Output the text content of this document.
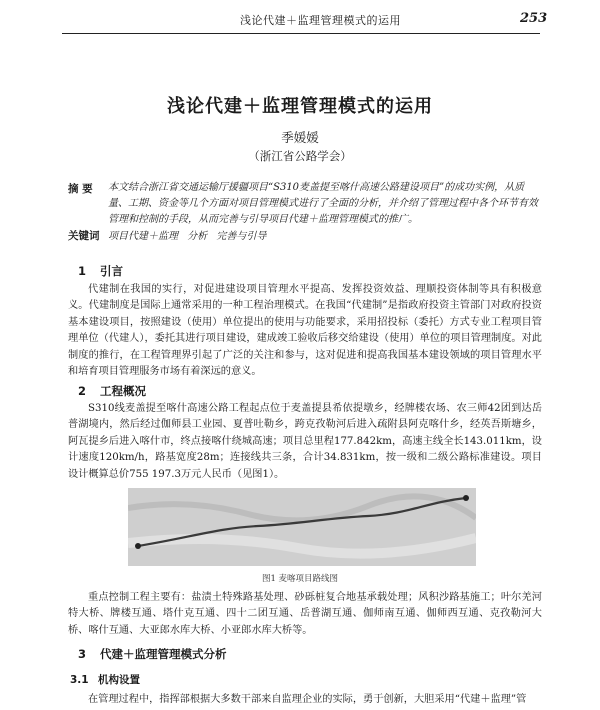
浅论代建＋监理管理模式的运用	253
浅论代建＋监理管理模式的运用
季媛媛
（浙江省公路学会）
摘 要 本文结合浙江省交通运输厅援疆项目“S310麦盖提至喀什高速公路建设项目”的成功实例，从质量、工期、资金等几个方面对项目管理模式进行了全面的分析，并介绍了管理过程中各个环节有效管理和控制的手段，从而完善与引导项目代建＋监理管理模式的推广。
关键词 项目代建＋监理 分析 完善与引导
1 引言

代建制在我国的实行，对促进建设项目管理水平提高、发挥投资效益、理顺投资体制等具有积极意义。代建制度是国际上通常采用的一种工程治理模式。在我国“代建制”是指政府投资主管部门对政府投资基本建设项目，按照建设（使用）单位提出的使用与功能要求，采用招投标（委托）方式专业工程项目管理单位（代建人），委托其进行项目建设，建成竣工验收后移交给建设（使用）单位的项目管理制度。对此制度的推行，在工程管理界引起了广泛的关注和参与，这对促进和提高我国基本建设领域的项目管理水平和培育项目管理服务市场有着深远的意义。

2 工程概况

S310线麦盖提至喀什高速公路工程起点位于麦盖提县希依提墩乡，经牌楼农场、农三师42团到达岳普湖境内，然后经过伽师县工业园、夏普吐勒乡，跨克孜勒河后进入疏附县阿克喀什乡，经英吾斯塘乡，阿瓦提乡后进入喀什市，终点接喀什绕城高速；项目总里程177.842km，高速主线全长143.011km，设计速度120km/h，路基宽度28m；连接线共三条，合计34.831km，按一级和二级公路标准建设。项目设计概算总价755 197.3万元人民币（见图1）。

图1 麦喀项目路线图

重点控制工程主要有：盐渍土特殊路基处理、砂砾桩复合地基承载处理；风积沙路基施工；叶尔羌河特大桥、牌楼互通、塔什克互通、四十二团互通、岳普湖互通、伽师南互通、伽师西互通、克孜勒河大桥、喀什互通、大亚郎水库大桥、小亚郎水库大桥等。

3 代建＋监理管理模式分析
3.1 机构设置

在管理过程中，指挥部根据大多数干部来自监理企业的实际，勇于创新，大胆采用“代建＋监理”管
